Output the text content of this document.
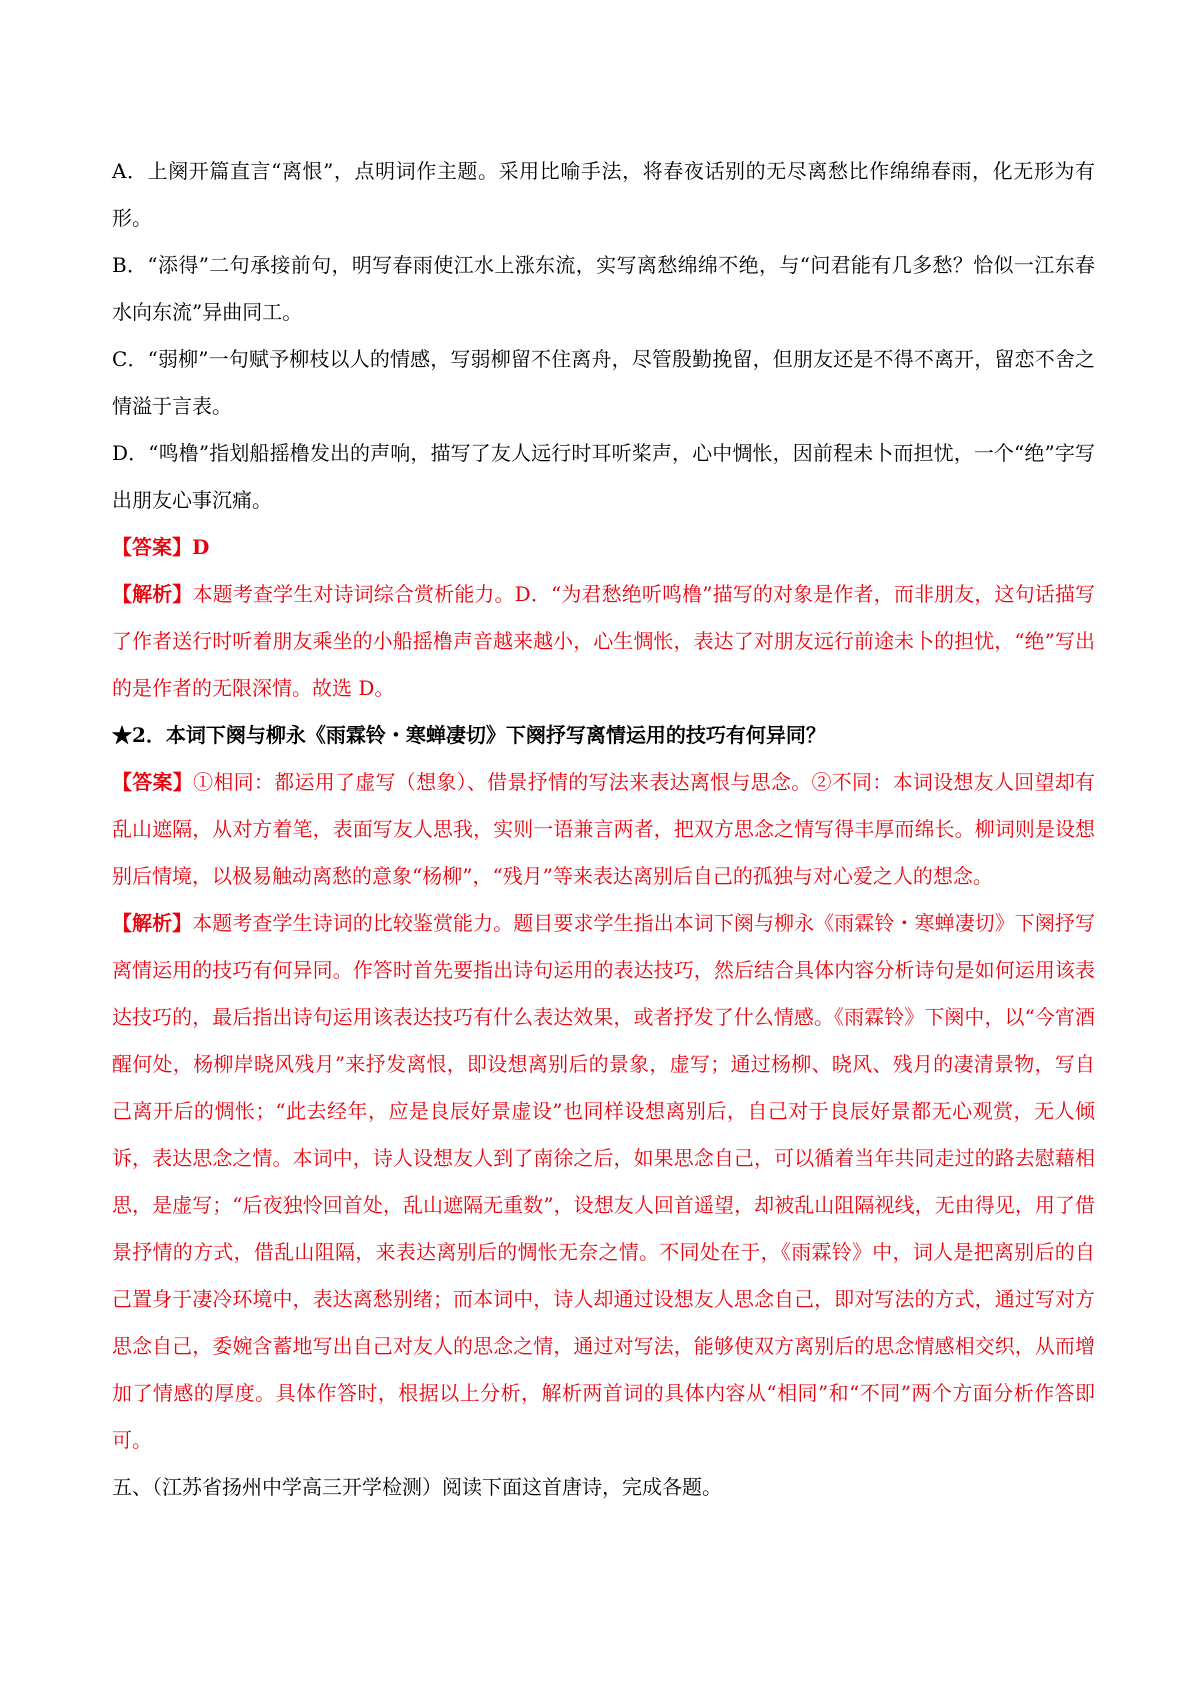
A．上阕开篇直言“离恨”，点明词作主题。采用比喻手法，将春夜话别的无尽离愁比作绵绵春雨，化无形为有形。

B．“添得”二句承接前句，明写春雨使江水上涨东流，实写离愁绵绵不绝，与“问君能有几多愁？恰似一江东春水向东流”异曲同工。

C．“弱柳”一句赋予柳枝以人的情感，写弱柳留不住离舟，尽管殷勤挽留，但朋友还是不得不离开，留恋不舍之情溢于言表。

D．“鸣橹”指划船摇橹发出的声响，描写了友人远行时耳听桨声，心中惆怅，因前程未卜而担忧，一个“绝”字写出朋友心事沉痛。

【答案】D

【解析】本题考查学生对诗词综合赏析能力。D．“为君愁绝听鸣橹”描写的对象是作者，而非朋友，这句话描写了作者送行时听着朋友乘坐的小船摇橹声音越来越小，心生惆怅，表达了对朋友远行前途未卜的担忧，“绝”写出的是作者的无限深情。故选 D。

★2．本词下阕与柳永《雨霖铃・寒蝉凄切》下阕抒写离情运用的技巧有何异同？

【答案】①相同：都运用了虚写（想象）、借景抒情的写法来表达离恨与思念。②不同：本词设想友人回望却有乱山遮隔，从对方着笔，表面写友人思我，实则一语兼言两者，把双方思念之情写得丰厚而绵长。柳词则是设想别后情境，以极易触动离愁的意象“杨柳”，“残月”等来表达离别后自己的孤独与对心爱之人的想念。

【解析】本题考查学生诗词的比较鉴赏能力。题目要求学生指出本词下阕与柳永《雨霖铃・寒蝉凄切》下阕抒写离情运用的技巧有何异同。作答时首先要指出诗句运用的表达技巧，然后结合具体内容分析诗句是如何运用该表达技巧的，最后指出诗句运用该表达技巧有什么表达效果，或者抒发了什么情感。《雨霖铃》下阕中，以“今宵酒醒何处，杨柳岸晓风残月”来抒发离恨，即设想离别后的景象，虚写；通过杨柳、晓风、残月的凄清景物，写自己离开后的惆怅；“此去经年，应是良辰好景虚设”也同样设想离别后，自己对于良辰好景都无心观赏，无人倾诉，表达思念之情。本词中，诗人设想友人到了南徐之后，如果思念自己，可以循着当年共同走过的路去慰藉相思，是虚写；“后夜独怜回首处，乱山遮隔无重数”，设想友人回首遥望，却被乱山阻隔视线，无由得见，用了借景抒情的方式，借乱山阻隔，来表达离别后的惆怅无奈之情。不同处在于，《雨霖铃》中，词人是把离别后的自己置身于凄冷环境中，表达离愁别绪；而本词中，诗人却通过设想友人思念自己，即对写法的方式，通过写对方思念自己，委婉含蓄地写出自己对友人的思念之情，通过对写法，能够使双方离别后的思念情感相交织，从而增加了情感的厚度。具体作答时，根据以上分析，解析两首词的具体内容从“相同”和“不同”两个方面分析作答即可。

五、（江苏省扬州中学高三开学检测）阅读下面这首唐诗，完成各题。
